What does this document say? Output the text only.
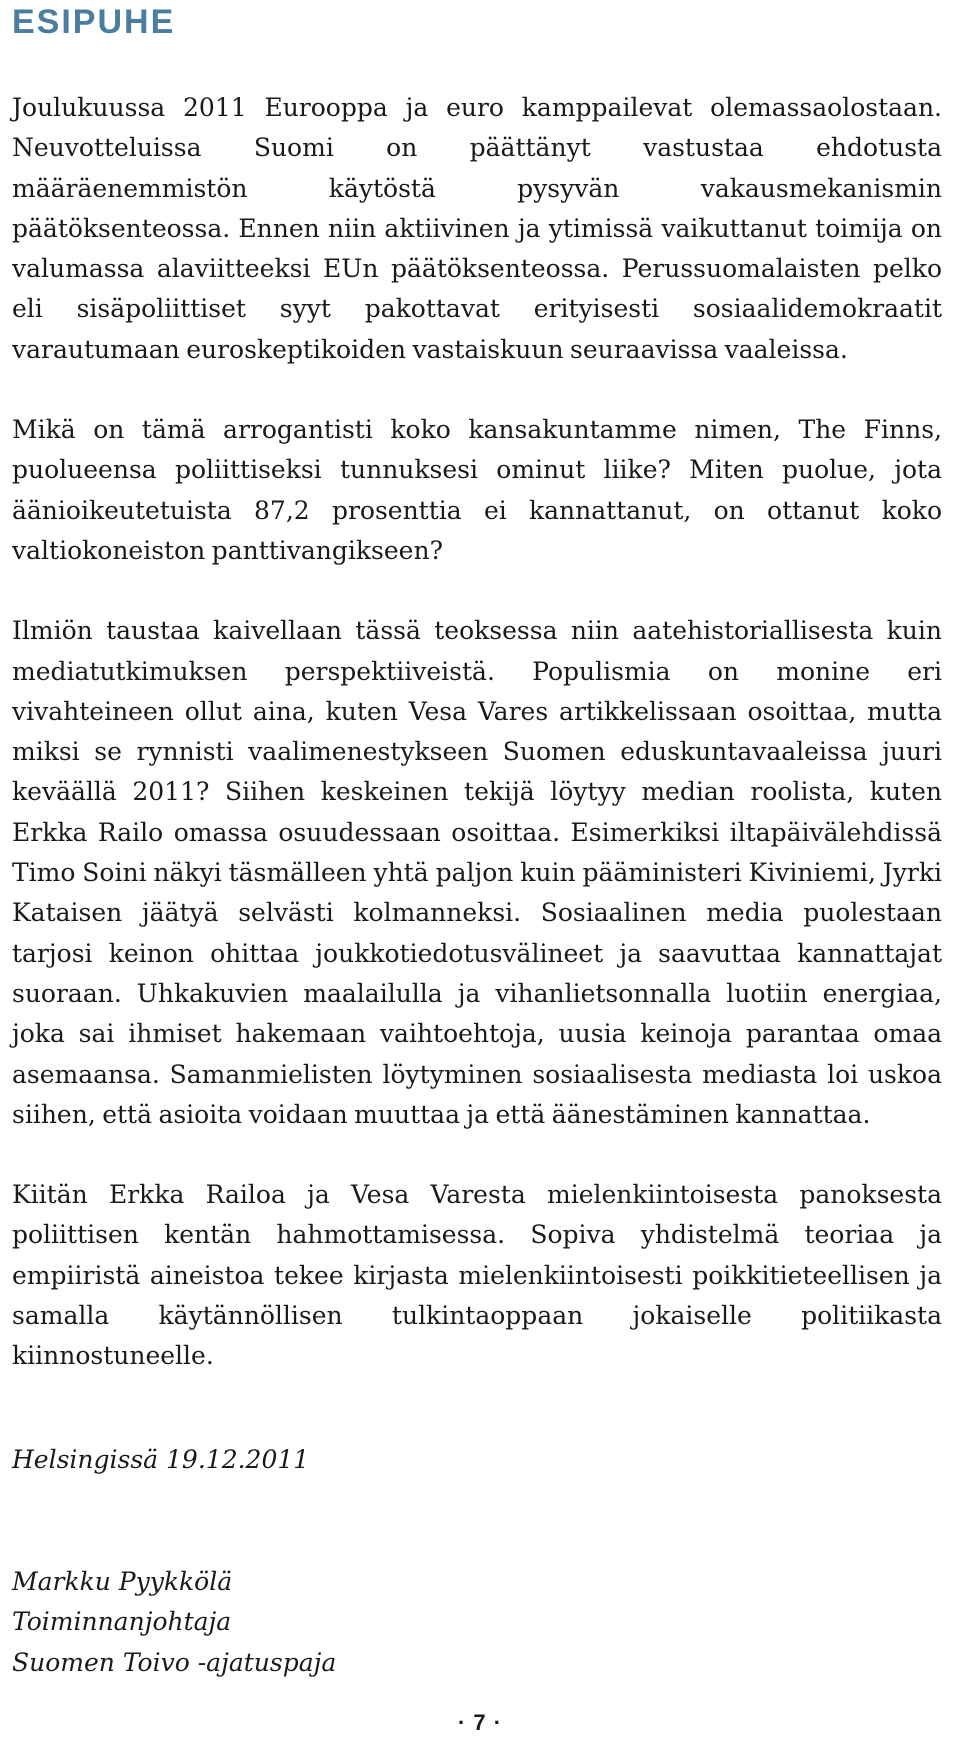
ESIPUHE

Joulukuussa 2011 Eurooppa ja euro kamppailevat olemassaolostaan. Neuvotteluissa Suomi on päättänyt vastustaa ehdotusta määräenemmistön käytöstä pysyvän vakausmekanismin päätöksenteossa. Ennen niin aktiivinen ja ytimissä vaikuttanut toimija on valumassa alaviitteeksi EUn päätöksenteossa. Perussuomalaisten pelko eli sisäpoliittiset syyt pakottavat erityisesti sosiaalidemokraatit varautumaan euroskeptikoiden vastaiskuun seuraavissa vaaleissa.

Mikä on tämä arrogantisti koko kansakuntamme nimen, The Finns, puolueensa poliittiseksi tunnuksesi ominut liike? Miten puolue, jota äänioikeutetuista 87,2 prosenttia ei kannattanut, on ottanut koko valtiokoneiston panttivangikseen?

Ilmiön taustaa kaivellaan tässä teoksessa niin aatehistoriallisesta kuin mediatutkimuksen perspektiiveistä. Populismia on monine eri vivahteineen ollut aina, kuten Vesa Vares artikkelissaan osoittaa, mutta miksi se rynnisti vaalimenestykseen Suomen eduskuntavaaleissa juuri keväällä 2011? Siihen keskeinen tekijä löytyy median roolista, kuten Erkka Railo omassa osuudessaan osoittaa. Esimerkiksi iltapäivälehdissä Timo Soini näkyi täsmälleen yhtä paljon kuin pääministeri Kiviniemi, Jyrki Kataisen jäätyä selvästi kolmanneksi. Sosiaalinen media puolestaan tarjosi keinon ohittaa joukkotiedotusvälineet ja saavuttaa kannattajat suoraan. Uhkakuvien maalailulla ja vihanlietsonnalla luotiin energiaa, joka sai ihmiset hakemaan vaihtoehtoja, uusia keinoja parantaa omaa asemaansa. Samanmielisten löytyminen sosiaalisesta mediasta loi uskoa siihen, että asioita voidaan muuttaa ja että äänestäminen kannattaa.

Kiitän Erkka Railoa ja Vesa Varesta mielenkiintoisesta panoksesta poliittisen kentän hahmottamisessa. Sopiva yhdistelmä teoriaa ja empiiristä aineistoa tekee kirjasta mielenkiintoisesti poikkitieteellisen ja samalla käytännöllisen tulkintaoppaan jokaiselle politiikasta kiinnostuneelle.

Helsingissä 19.12.2011

Markku Pyykkölä
Toiminnanjohtaja
Suomen Toivo -ajatuspaja

· 7 ·
